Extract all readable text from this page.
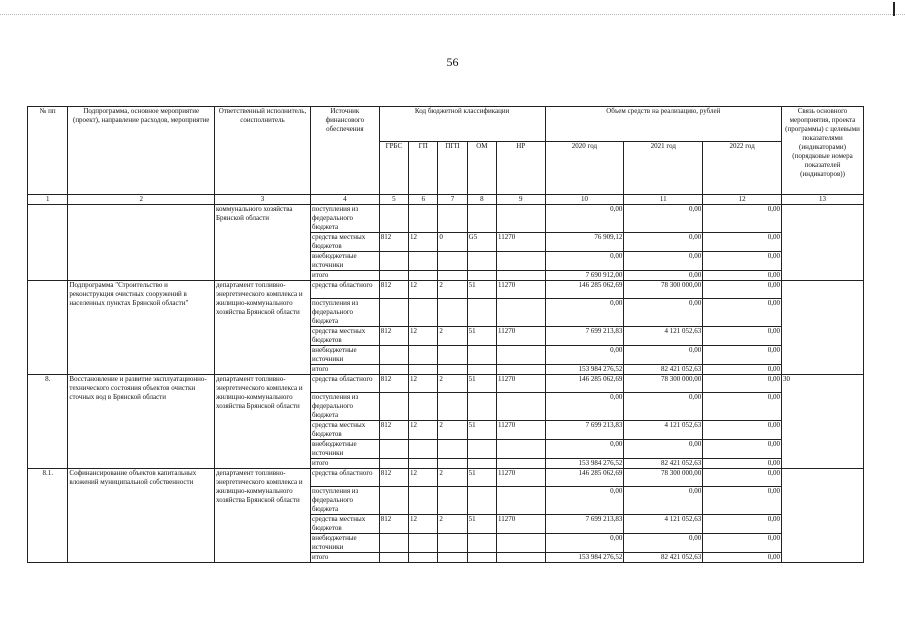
56
№ пп	Подпрограмма, основное мероприятие (проект), направление расходов, мероприятие	Ответственный исполнитель, соисполнитель	Источник финансового обеспечения	Код бюджетной классификации					Объем средств на реализацию, рублей			Связь основного мероприятия, проекта (программы) с целевыми показателями (индикаторами) (порядковые номера показателей (индикаторов))
				ГРБС	ГП	ПГП	ОМ	НР	2020 год	2021 год	2022 год	
1	2	3	4	5	6	7	8	9	10	11	12	13
		коммунального хозяйства Брянской области	поступления из федерального бюджета						0,00	0,00	0,00	
			средства местных бюджетов	812	12	0	G5	11270	76 909,12	0,00	0,00	
			внебюджетные источники						0,00	0,00	0,00	
			итого						7 690 912,00	0,00	0,00	
	Подпрограмма "Строительство и реконструкция очистных сооружений в населенных пунктах Брянской области"	департамент топливно-энергетического комплекса и жилищно-коммунального хозяйства Брянской области	средства областного	812	12	2	51	11270	146 285 062,69	78 300 000,00	0,00	
			поступления из федерального бюджета						0,00	0,00	0,00	
			средства местных бюджетов	812	12	2	51	11270	7 699 213,83	4 121 052,63	0,00	
			внебюджетные источники						0,00	0,00	0,00	
			итого						153 984 276,52	82 421 052,63	0,00	
8.	Восстановление и развитие эксплуатационно-технического состояния объектов очистки сточных вод в Брянской области	департамент топливно-энергетического комплекса и жилищно-коммунального хозяйства Брянской области	средства областного	812	12	2	51	11270	146 285 062,69	78 300 000,00	0,00	30
			поступления из федерального бюджета						0,00	0,00	0,00	
			средства местных бюджетов	812	12	2	51	11270	7 699 213,83	4 121 052,63	0,00	
			внебюджетные источники						0,00	0,00	0,00	
			итого						153 984 276,52	82 421 052,63	0,00	
8.1.	Софинансирование объектов капитальных вложений муниципальной собственности	департамент топливно-энергетического комплекса и жилищно-коммунального хозяйства Брянской области	средства областного	812	12	2	51	11270	146 285 062,69	78 300 000,00	0,00	
			поступления из федерального бюджета						0,00	0,00	0,00	
			средства местных бюджетов	812	12	2	51	11270	7 699 213,83	4 121 052,63	0,00	
			внебюджетные источники						0,00	0,00	0,00	
			итого						153 984 276,52	82 421 052,63	0,00	
